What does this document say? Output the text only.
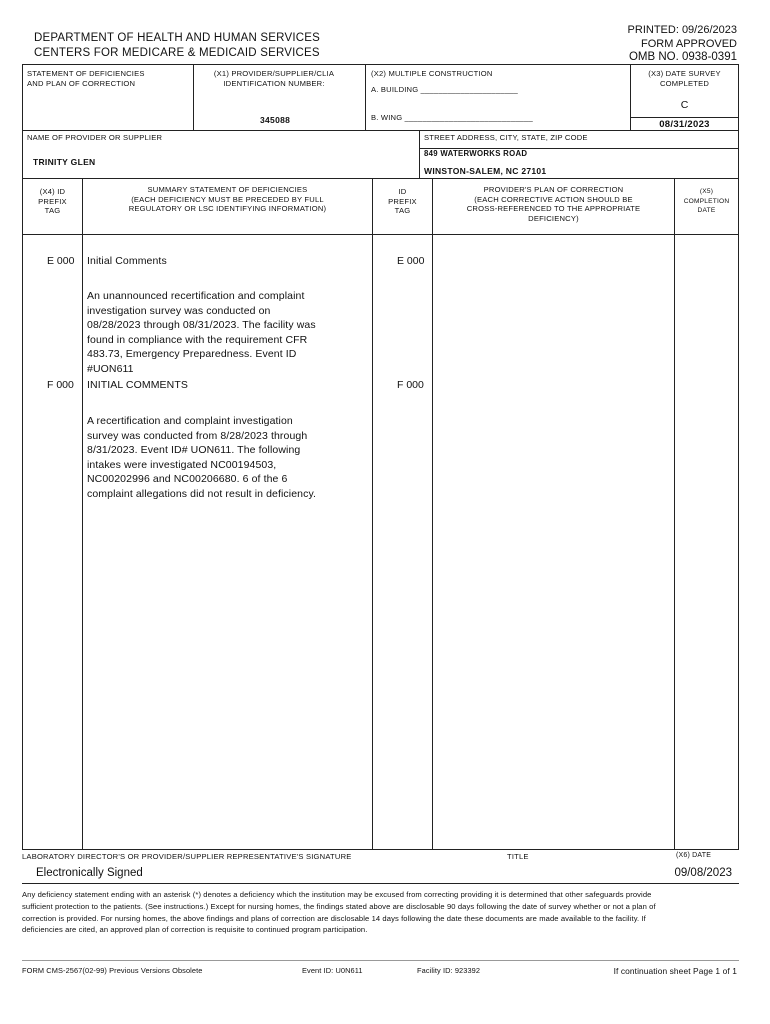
DEPARTMENT OF HEALTH AND HUMAN SERVICES
CENTERS FOR MEDICARE & MEDICAID SERVICES
PRINTED: 09/26/2023
FORM APPROVED
OMB NO. 0938-0391
STATEMENT OF DEFICIENCIES
AND PLAN OF CORRECTION
(X1) PROVIDER/SUPPLIER/CLIA
IDENTIFICATION NUMBER:
345088
(X2) MULTIPLE CONSTRUCTION
A. BUILDING ______________________
B. WING _____________________________
(X3) DATE SURVEY
COMPLETED
C
08/31/2023
NAME OF PROVIDER OR SUPPLIER
TRINITY GLEN
STREET ADDRESS, CITY, STATE, ZIP CODE
849 WATERWORKS ROAD
WINSTON-SALEM, NC 27101
(X4) ID
PREFIX
TAG
SUMMARY STATEMENT OF DEFICIENCIES
(EACH DEFICIENCY MUST BE PRECEDED BY FULL
REGULATORY OR LSC IDENTIFYING INFORMATION)
ID
PREFIX
TAG
PROVIDER'S PLAN OF CORRECTION
(EACH CORRECTIVE ACTION SHOULD BE
CROSS-REFERENCED TO THE APPROPRIATE
DEFICIENCY)
(X5)
COMPLETION
DATE
E 000 Initial Comments	E 000
An unannounced recertification and complaint
investigation survey was conducted on
08/28/2023 through 08/31/2023. The facility was
found in compliance with the requirement CFR
483.73, Emergency Preparedness. Event ID
#UON611
F 000 INITIAL COMMENTS	F 000
A recertification and complaint investigation
survey was conducted from 8/28/2023 through
8/31/2023. Event ID# UON611. The following
intakes were investigated NC00194503,
NC00202996 and NC00206680. 6 of the 6
complaint allegations did not result in deficiency.
LABORATORY DIRECTOR'S OR PROVIDER/SUPPLIER REPRESENTATIVE'S SIGNATURE
Electronically Signed
TITLE	(X6) DATE
09/08/2023
Any deficiency statement ending with an asterisk (*) denotes a deficiency which the institution may be excused from correcting providing it is determined that other safeguards provide sufficient protection to the patients. (See instructions.) Except for nursing homes, the findings stated above are disclosable 90 days following the date of survey whether or not a plan of correction is provided. For nursing homes, the above findings and plans of correction are disclosable 14 days following the date these documents are made available to the facility. If deficiencies are cited, an approved plan of correction is requisite to continued program participation.
FORM CMS-2567(02-99) Previous Versions Obsolete	Event ID: U0N611	Facility ID: 923392	If continuation sheet Page 1 of 1
